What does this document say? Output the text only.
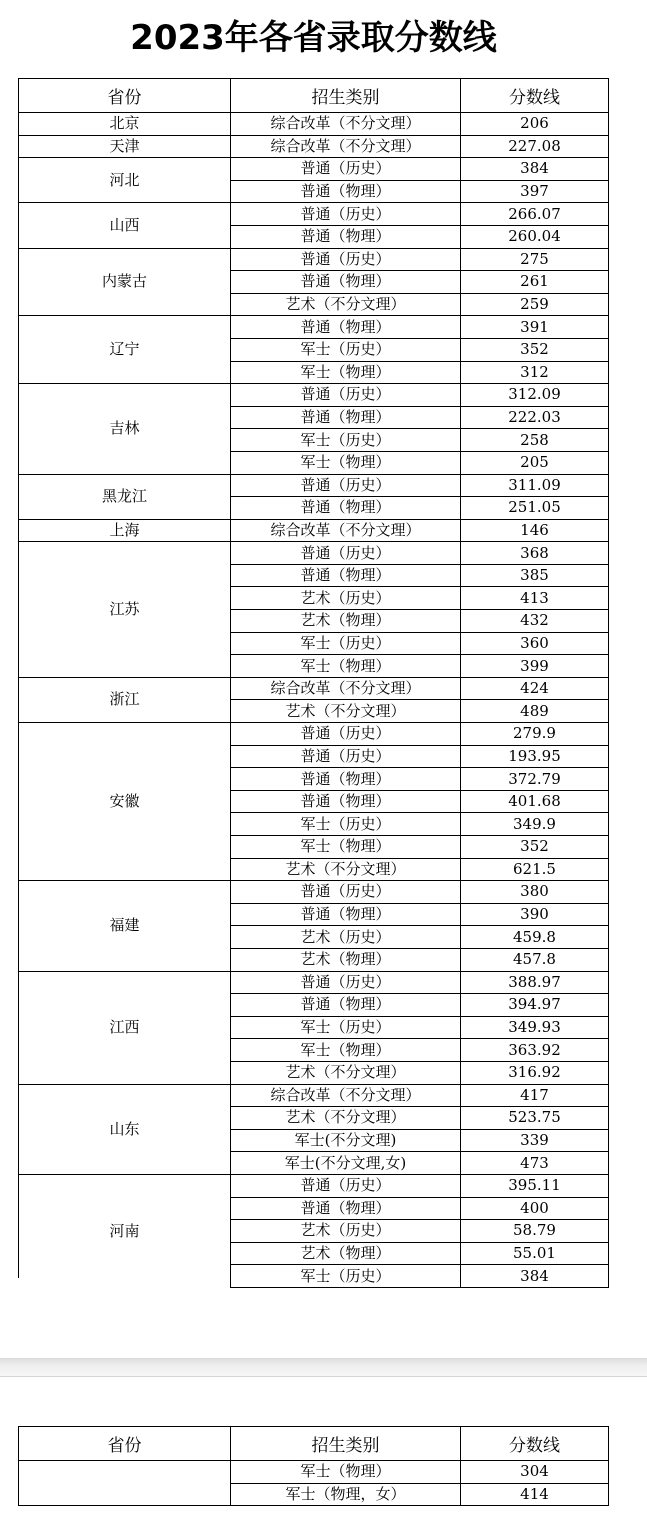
2023年各省录取分数线
省份	招生类别	分数线
北京	综合改革（不分文理）	206
天津	综合改革（不分文理）	227.08
河北	普通（历史）	384
	普通（物理）	397
山西	普通（历史）	266.07
	普通（物理）	260.04
内蒙古	普通（历史）	275
	普通（物理）	261
	艺术（不分文理）	259
辽宁	普通（物理）	391
	军士（历史）	352
	军士（物理）	312
吉林	普通（历史）	312.09
	普通（物理）	222.03
	军士（历史）	258
	军士（物理）	205
黑龙江	普通（历史）	311.09
	普通（物理）	251.05
上海	综合改革（不分文理）	146
江苏	普通（历史）	368
	普通（物理）	385
	艺术（历史）	413
	艺术（物理）	432
	军士（历史）	360
	军士（物理）	399
浙江	综合改革（不分文理）	424
	艺术（不分文理）	489
安徽	普通（历史）	279.9
	普通（历史）	193.95
	普通（物理）	372.79
	普通（物理）	401.68
	军士（历史）	349.9
	军士（物理）	352
	艺术（不分文理）	621.5
福建	普通（历史）	380
	普通（物理）	390
	艺术（历史）	459.8
	艺术（物理）	457.8
江西	普通（历史）	388.97
	普通（物理）	394.97
	军士（历史）	349.93
	军士（物理）	363.92
	艺术（不分文理）	316.92
山东	综合改革（不分文理）	417
	艺术（不分文理）	523.75
	军士(不分文理)	339
	军士(不分文理,女)	473
河南	普通（历史）	395.11
	普通（物理）	400
	艺术（历史）	58.79
	艺术（物理）	55.01
	军士（历史）	384
省份	招生类别	分数线
	军士（物理）	304
	军士（物理，女）	414
